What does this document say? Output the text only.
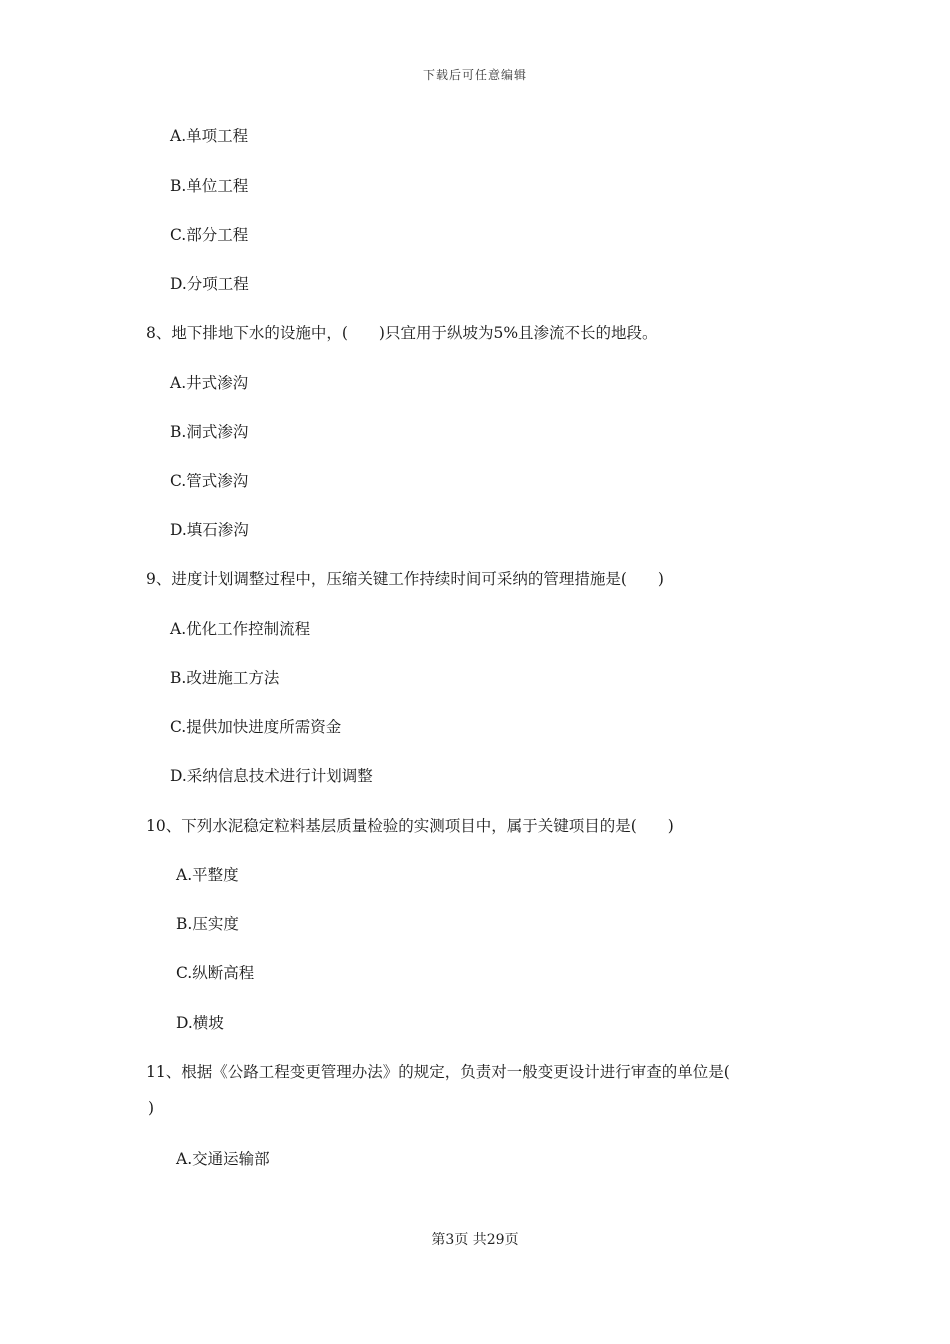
下载后可任意编辑
A.单项工程
B.单位工程
C.部分工程
D.分项工程
8、地下排地下水的设施中，(　　)只宜用于纵坡为5%且渗流不长的地段。
A.井式渗沟
B.洞式渗沟
C.管式渗沟
D.填石渗沟
9、进度计划调整过程中，压缩关键工作持续时间可采纳的管理措施是(　　)
A.优化工作控制流程
B.改进施工方法
C.提供加快进度所需资金
D.采纳信息技术进行计划调整
10、下列水泥稳定粒料基层质量检验的实测项目中，属于关键项目的是(　　)
A.平整度
B.压实度
C.纵断高程
D.横坡
11、根据《公路工程变更管理办法》的规定，负责对一般变更设计进行审查的单位是(
)
A.交通运输部
第3页 共29页
